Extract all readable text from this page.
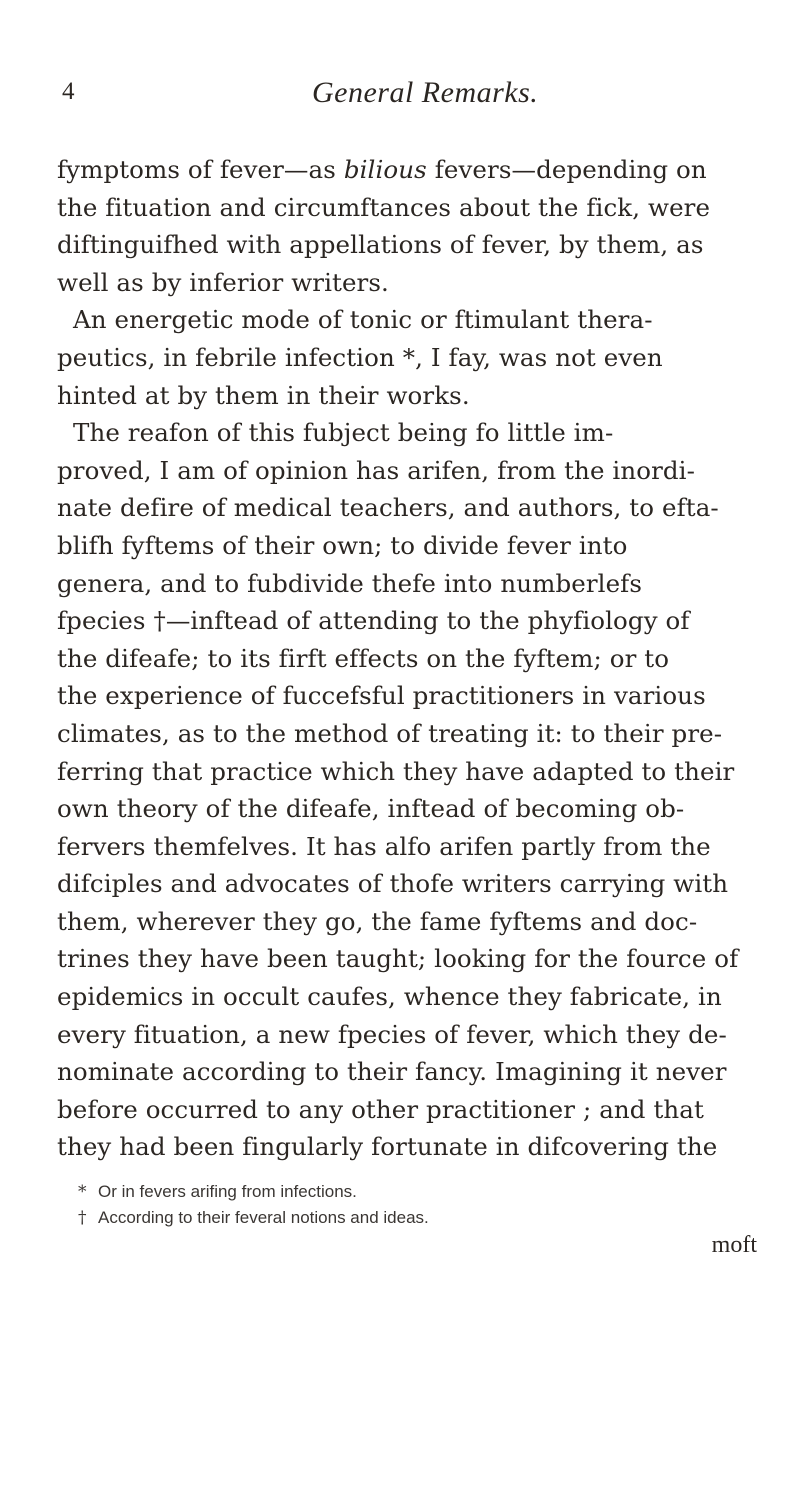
4	General Remarks.
fymptoms of fever—as bilious fevers—depending on
the fituation and circumftances about the fick, were
diftinguifhed with appellations of fever, by them, as
well as by inferior writers.
An energetic mode of tonic or ftimulant thera-
peutics, in febrile infection *, I fay, was not even
hinted at by them in their works.
The reafon of this fubject being fo little im-
proved, I am of opinion has arifen, from the inordi-
nate defire of medical teachers, and authors, to efta-
blifh fyftems of their own; to divide fever into
genera, and to fubdivide thefe into numberlefs
fpecies †—inftead of attending to the phyfiology of
the difeafe; to its firft effects on the fyftem; or to
the experience of fuccefsful practitioners in various
climates, as to the method of treating it: to their pre-
ferring that practice which they have adapted to their
own theory of the difeafe, inftead of becoming ob-
fervers themfelves. It has alfo arifen partly from the
difciples and advocates of thofe writers carrying with
them, wherever they go, the fame fyftems and doc-
trines they have been taught; looking for the fource of
epidemics in occult caufes, whence they fabricate, in
every fituation, a new fpecies of fever, which they de-
nominate according to their fancy. Imagining it never
before occurred to any other practitioner ; and that
they had been fingularly fortunate in difcovering the
* Or in fevers arifing from infections.
† According to their feveral notions and ideas.
moft
